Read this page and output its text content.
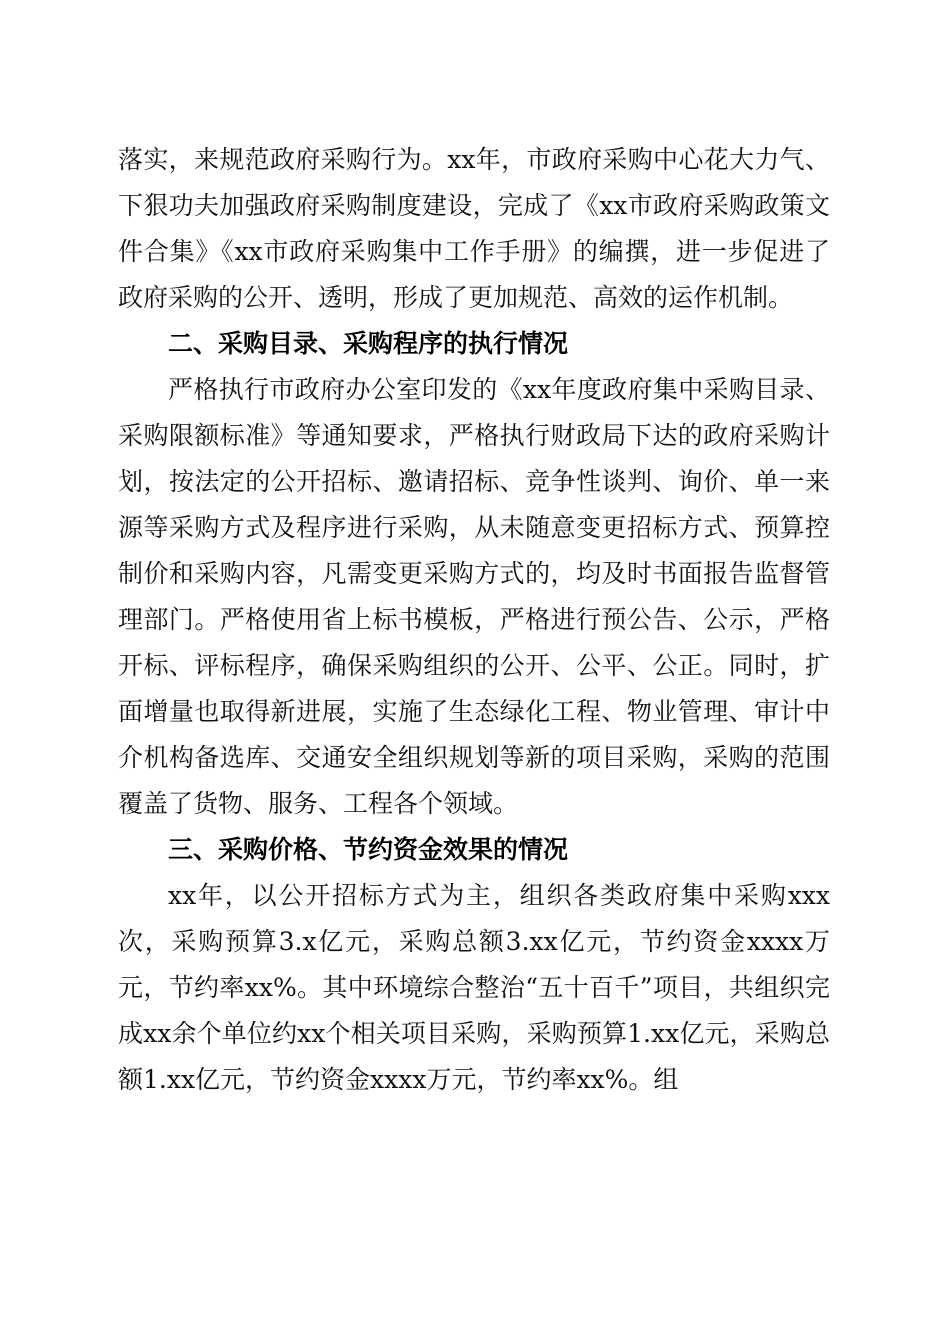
落实，来规范政府采购行为。xx年，市政府采购中心花大力气、下狠功夫加强政府采购制度建设，完成了《xx市政府采购政策文件合集》《xx市政府采购集中工作手册》的编撰，进一步促进了政府采购的公开、透明，形成了更加规范、高效的运作机制。

二、采购目录、采购程序的执行情况

严格执行市政府办公室印发的《xx年度政府集中采购目录、采购限额标准》等通知要求，严格执行财政局下达的政府采购计划，按法定的公开招标、邀请招标、竞争性谈判、询价、单一来源等采购方式及程序进行采购，从未随意变更招标方式、预算控制价和采购内容，凡需变更采购方式的，均及时书面报告监督管理部门。严格使用省上标书模板，严格进行预公告、公示，严格开标、评标程序，确保采购组织的公开、公平、公正。同时，扩面增量也取得新进展，实施了生态绿化工程、物业管理、审计中介机构备选库、交通安全组织规划等新的项目采购，采购的范围覆盖了货物、服务、工程各个领域。

三、采购价格、节约资金效果的情况

xx年，以公开招标方式为主，组织各类政府集中采购xxx次，采购预算3.x亿元，采购总额3.xx亿元，节约资金xxxx万元，节约率xx%。其中环境综合整治“五十百千”项目，共组织完成xx余个单位约xx个相关项目采购，采购预算1.xx亿元，采购总额1.xx亿元，节约资金xxxx万元，节约率xx%。组
